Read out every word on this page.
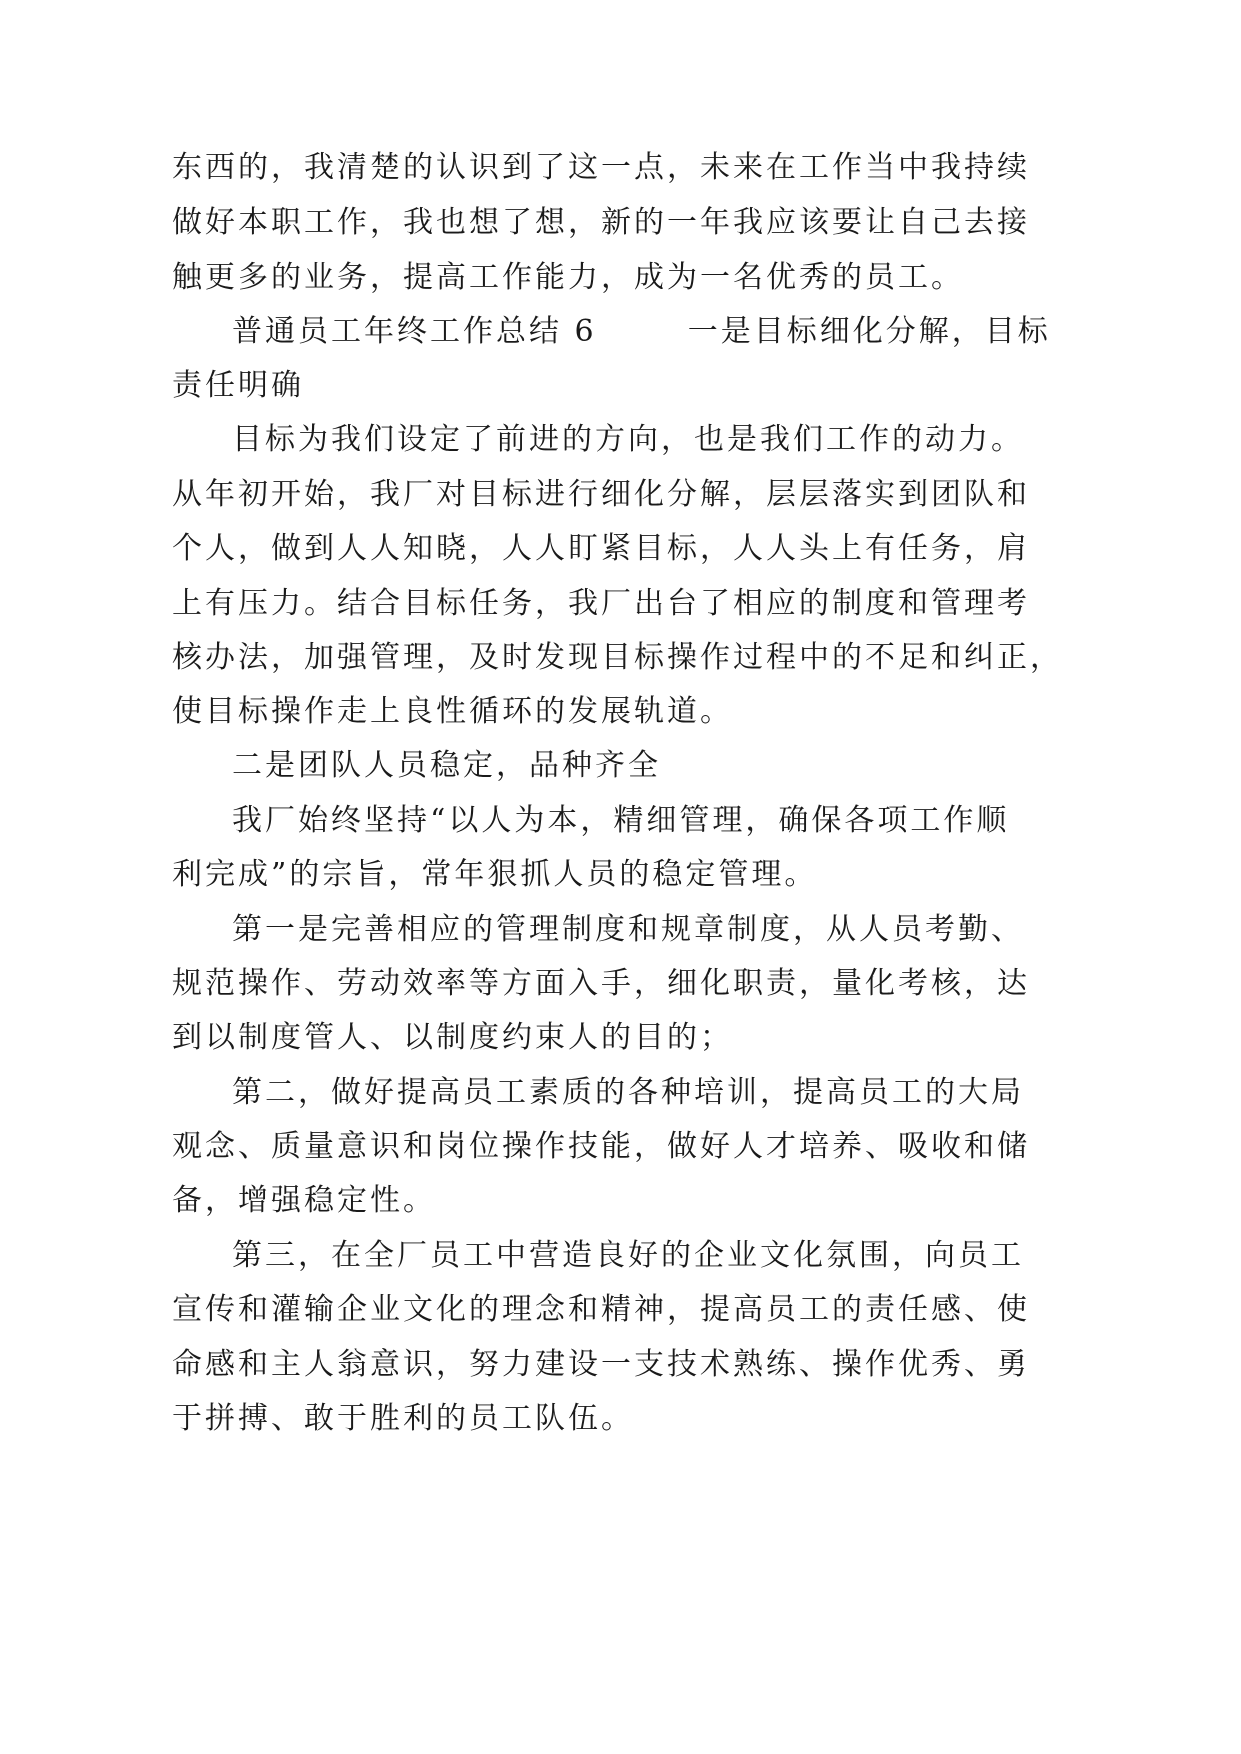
东西的，我清楚的认识到了这一点，未来在工作当中我持续
做好本职工作，我也想了想，新的一年我应该要让自己去接
触更多的业务，提高工作能力，成为一名优秀的员工。
普通员工年终工作总结 6 　 　一是目标细化分解，目标
责任明确
目标为我们设定了前进的方向，也是我们工作的动力。
从年初开始，我厂对目标进行细化分解，层层落实到团队和
个人，做到人人知晓，人人盯紧目标，人人头上有任务，肩
上有压力。结合目标任务，我厂出台了相应的制度和管理考
核办法，加强管理，及时发现目标操作过程中的不足和纠正，
使目标操作走上良性循环的发展轨道。
二是团队人员稳定，品种齐全
我厂始终坚持“以人为本，精细管理，确保各项工作顺
利完成”的宗旨，常年狠抓人员的稳定管理。
第一是完善相应的管理制度和规章制度，从人员考勤、
规范操作、劳动效率等方面入手，细化职责，量化考核，达
到以制度管人、以制度约束人的目的；
第二，做好提高员工素质的各种培训，提高员工的大局
观念、质量意识和岗位操作技能，做好人才培养、吸收和储
备，增强稳定性。
第三，在全厂员工中营造良好的企业文化氛围，向员工
宣传和灌输企业文化的理念和精神，提高员工的责任感、使
命感和主人翁意识，努力建设一支技术熟练、操作优秀、勇
于拼搏、敢于胜利的员工队伍。
